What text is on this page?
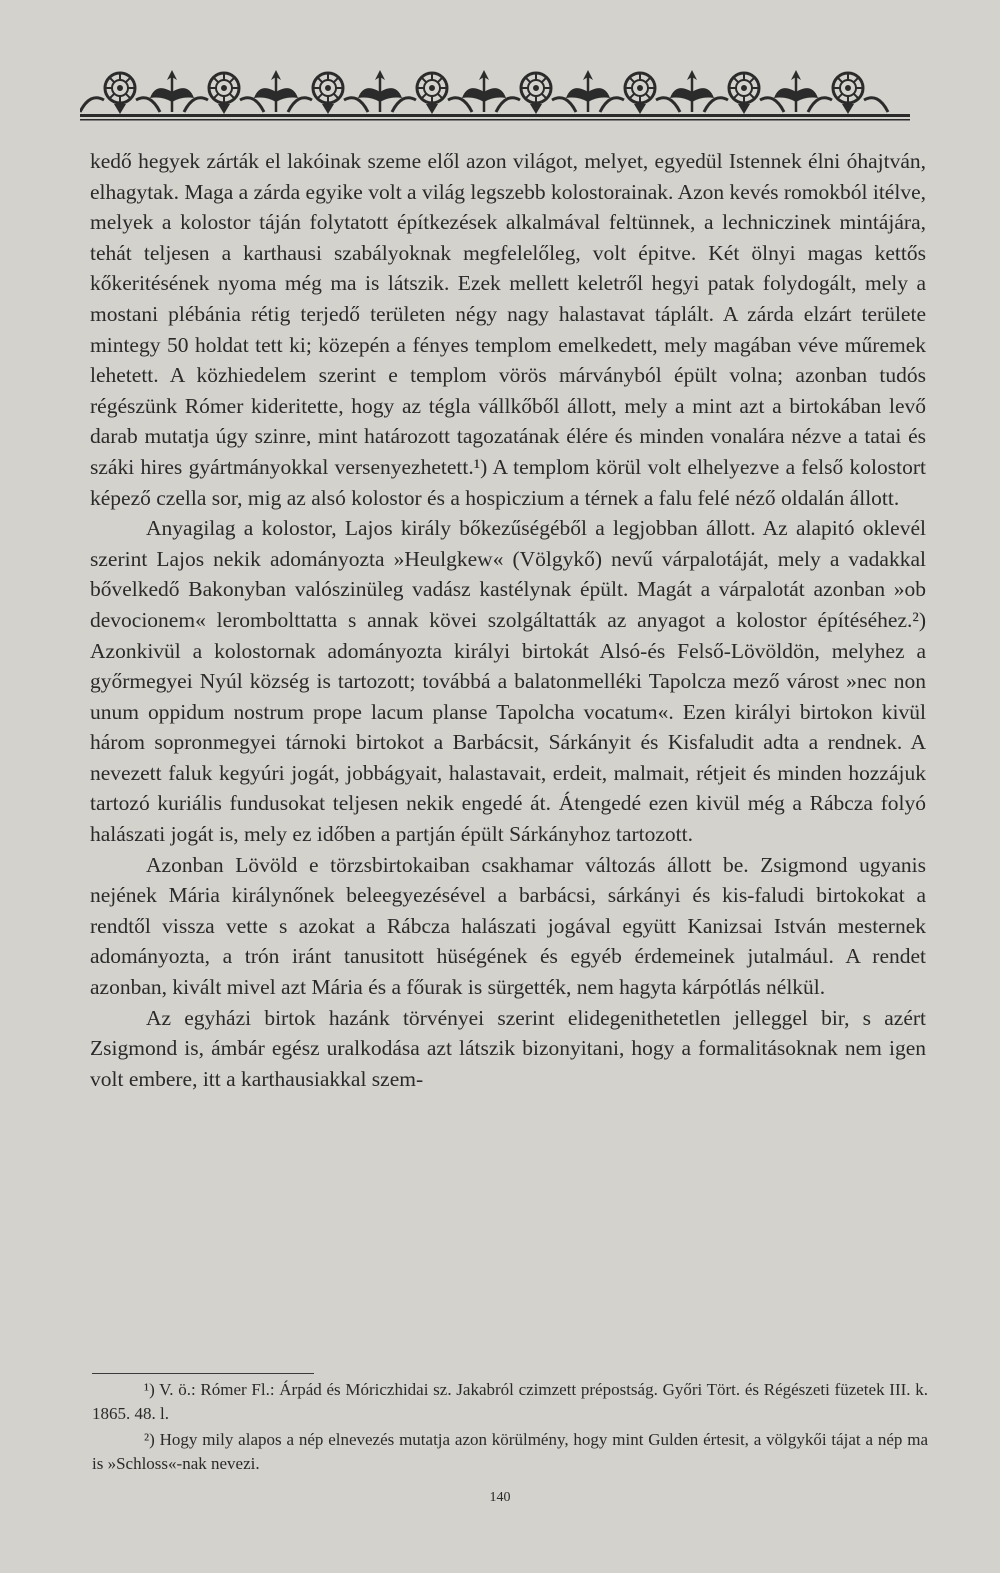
kedő hegyek zárták el lakóinak szeme elől azon világot, melyet, egyedül Istennek élni óhajtván, elhagytak. Maga a zárda egyike volt a világ legszebb kolostorainak. Azon kevés romokból itélve, melyek a kolostor táján folytatott építkezések alkalmával feltünnek, a lechniczinek mintájára, tehát teljesen a karthausi szabályoknak megfelelőleg, volt épitve. Két ölnyi magas kettős kőkeritésének nyoma még ma is látszik. Ezek mellett keletről hegyi patak folydogált, mely a mostani plébánia rétig terjedő területen négy nagy halastavat táplált. A zárda elzárt területe mintegy 50 holdat tett ki; közepén a fényes templom emelkedett, mely magában véve műremek lehetett. A közhiedelem szerint e templom vörös márványból épült volna; azonban tudós régészünk Rómer kideritette, hogy az tégla vállkőből állott, mely a mint azt a birtokában levő darab mutatja úgy szinre, mint határozott tagozatának élére és minden vonalára nézve a tatai és száki hires gyártmányokkal versenyezhetett.¹) A templom körül volt elhelyezve a felső kolostort képező czella sor, mig az alsó kolostor és a hospiczium a térnek a falu felé néző oldalán állott.

Anyagilag a kolostor, Lajos király bőkezűségéből a legjobban állott. Az alapitó oklevél szerint Lajos nekik adományozta »Heulgkew« (Völgykő) nevű várpalotáját, mely a vadakkal bővelkedő Bakonyban valószinüleg vadász kastélynak épült. Magát a várpalotát azonban »ob devocionem« lerombolttatta s annak kövei szolgáltatták az anyagot a kolostor építéséhez.²) Azonkivül a kolostornak adományozta királyi birtokát Alsó-és Felső-Lövöldön, melyhez a győrmegyei Nyúl község is tartozott; továbbá a balatonmelléki Tapolcza mező várost »nec non unum oppidum nostrum prope lacum planse Tapolcha vocatum«. Ezen királyi birtokon kivül három sopronmegyei tárnoki birtokot a Barbácsit, Sárkányit és Kisfaludit adta a rendnek. A nevezett faluk kegyúri jogát, jobbágyait, halastavait, erdeit, malmait, rétjeit és minden hozzájuk tartozó kuriális fundusokat teljesen nekik engedé át. Átengedé ezen kivül még a Rábcza folyó halászati jogát is, mely ez időben a partján épült Sárkányhoz tartozott.

Azonban Lövöld e törzsbirtokaiban csakhamar változás állott be. Zsigmond ugyanis nejének Mária királynőnek beleegyezésével a barbácsi, sárkányi és kis-faludi birtokokat a rendtől vissza vette s azokat a Rábcza halászati jogával együtt Kanizsai István mesternek adományozta, a trón iránt tanusitott hüségének és egyéb érdemeinek jutalmául. A rendet azonban, kivált mivel azt Mária és a főurak is sürgették, nem hagyta kárpótlás nélkül.

Az egyházi birtok hazánk törvényei szerint elidegenithetetlen jelleggel bir, s azért Zsigmond is, ámbár egész uralkodása azt látszik bizonyitani, hogy a formalitásoknak nem igen volt embere, itt a karthausiakkal szem-

¹) V. ö.: Rómer Fl.: Árpád és Móriczhidai sz. Jakabról czimzett prépostság. Győri Tört. és Régészeti füzetek III. k. 1865. 48. l.

²) Hogy mily alapos a nép elnevezés mutatja azon körülmény, hogy mint Gulden értesit, a völgykői tájat a nép ma is »Schloss«-nak nevezi.

140
